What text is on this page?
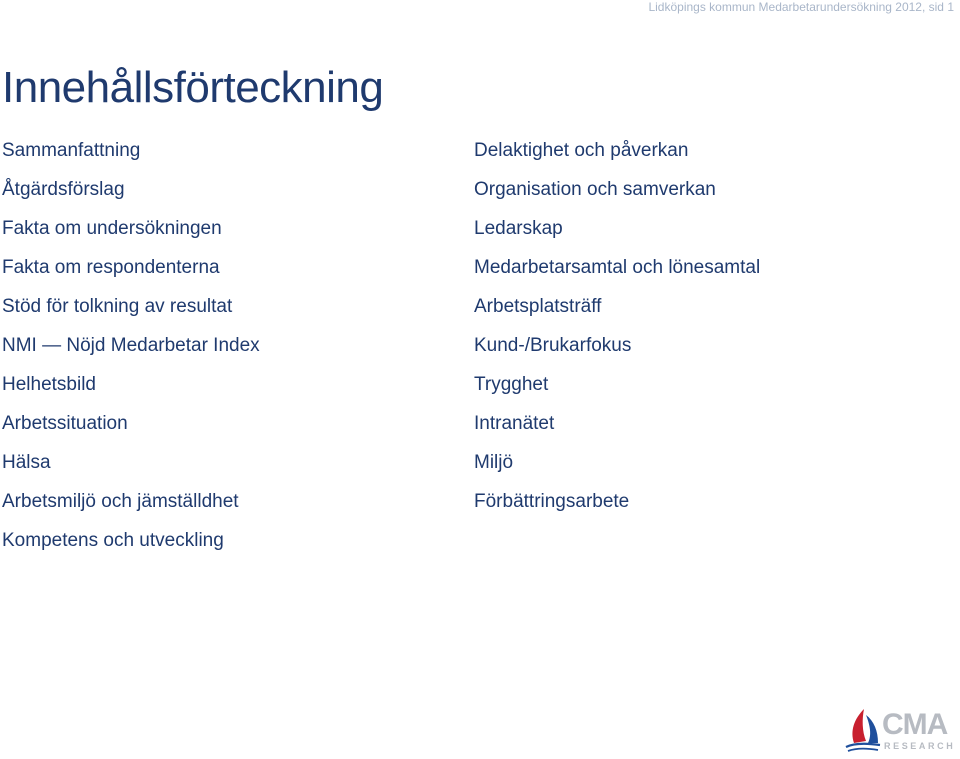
Lidköpings kommun Medarbetarundersökning 2012, sid 1
Innehållsförteckning
Sammanfattning
Åtgärdsförslag
Fakta om undersökningen
Fakta om respondenterna
Stöd för tolkning av resultat
NMI — Nöjd Medarbetar Index
Helhetsbild
Arbetssituation
Hälsa
Arbetsmiljö och jämställdhet
Kompetens och utveckling
Delaktighet och påverkan
Organisation och samverkan
Ledarskap
Medarbetarsamtal och lönesamtal
Arbetsplatsträff
Kund-/Brukarfokus
Trygghet
Intranätet
Miljö
Förbättringsarbete
CMA
RESEARCH
